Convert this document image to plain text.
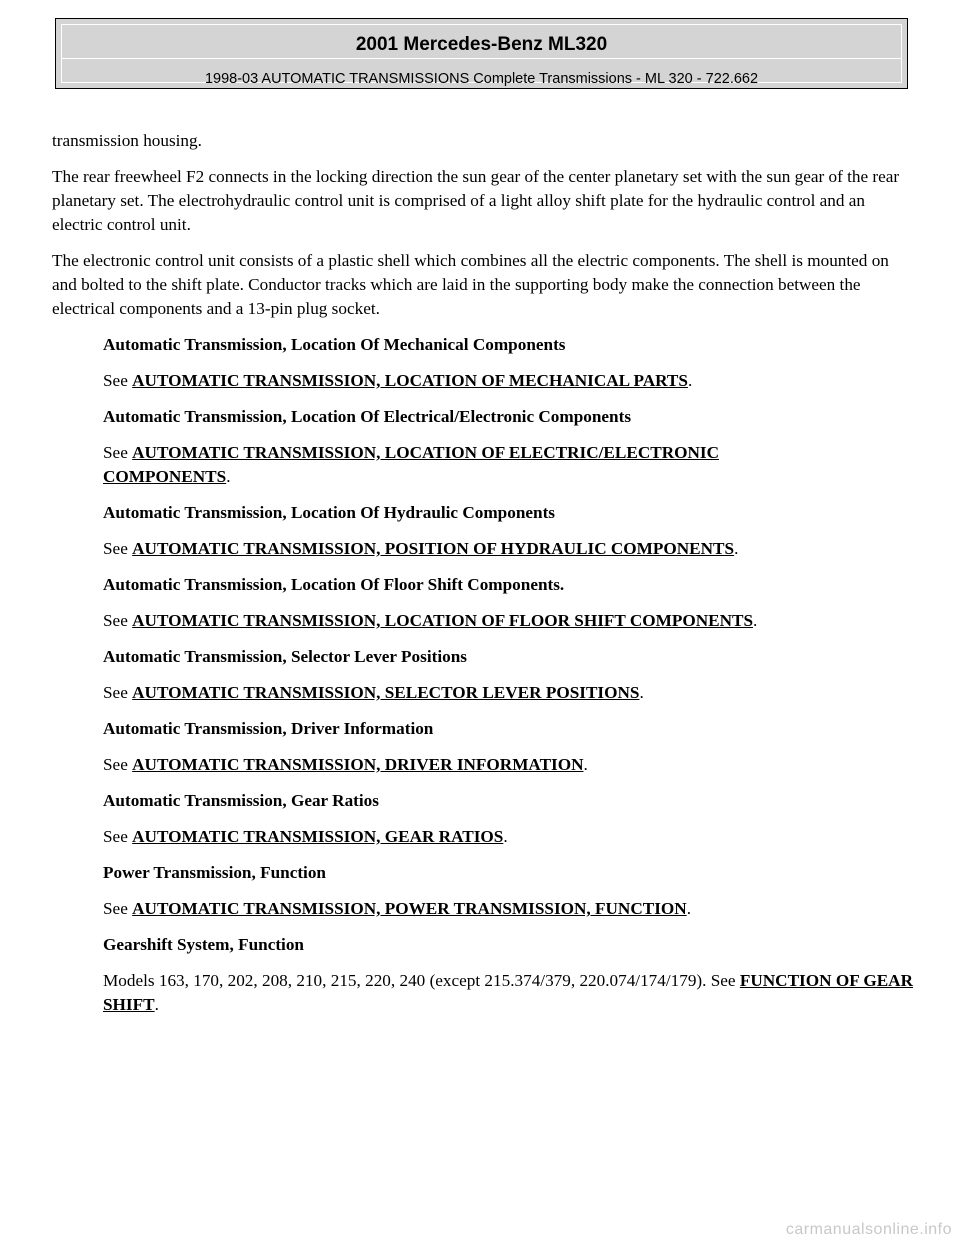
2001 Mercedes-Benz ML320
1998-03 AUTOMATIC TRANSMISSIONS Complete Transmissions - ML 320 - 722.662

transmission housing.

The rear freewheel F2 connects in the locking direction the sun gear of the center planetary set with the sun gear of the rear planetary set. The electrohydraulic control unit is comprised of a light alloy shift plate for the hydraulic control and an electric control unit.

The electronic control unit consists of a plastic shell which combines all the electric components. The shell is mounted on and bolted to the shift plate. Conductor tracks which are laid in the supporting body make the connection between the electrical components and a 13-pin plug socket.

Automatic Transmission, Location Of Mechanical Components

See AUTOMATIC TRANSMISSION, LOCATION OF MECHANICAL PARTS.

Automatic Transmission, Location Of Electrical/Electronic Components

See AUTOMATIC TRANSMISSION, LOCATION OF ELECTRIC/ELECTRONIC COMPONENTS.

Automatic Transmission, Location Of Hydraulic Components

See AUTOMATIC TRANSMISSION, POSITION OF HYDRAULIC COMPONENTS.

Automatic Transmission, Location Of Floor Shift Components.

See AUTOMATIC TRANSMISSION, LOCATION OF FLOOR SHIFT COMPONENTS.

Automatic Transmission, Selector Lever Positions

See AUTOMATIC TRANSMISSION, SELECTOR LEVER POSITIONS.

Automatic Transmission, Driver Information

See AUTOMATIC TRANSMISSION, DRIVER INFORMATION.

Automatic Transmission, Gear Ratios

See AUTOMATIC TRANSMISSION, GEAR RATIOS.

Power Transmission, Function

See AUTOMATIC TRANSMISSION, POWER TRANSMISSION, FUNCTION.

Gearshift System, Function

Models 163, 170, 202, 208, 210, 215, 220, 240 (except 215.374/379, 220.074/174/179). See FUNCTION OF GEAR SHIFT.

carmanualsonline.info
